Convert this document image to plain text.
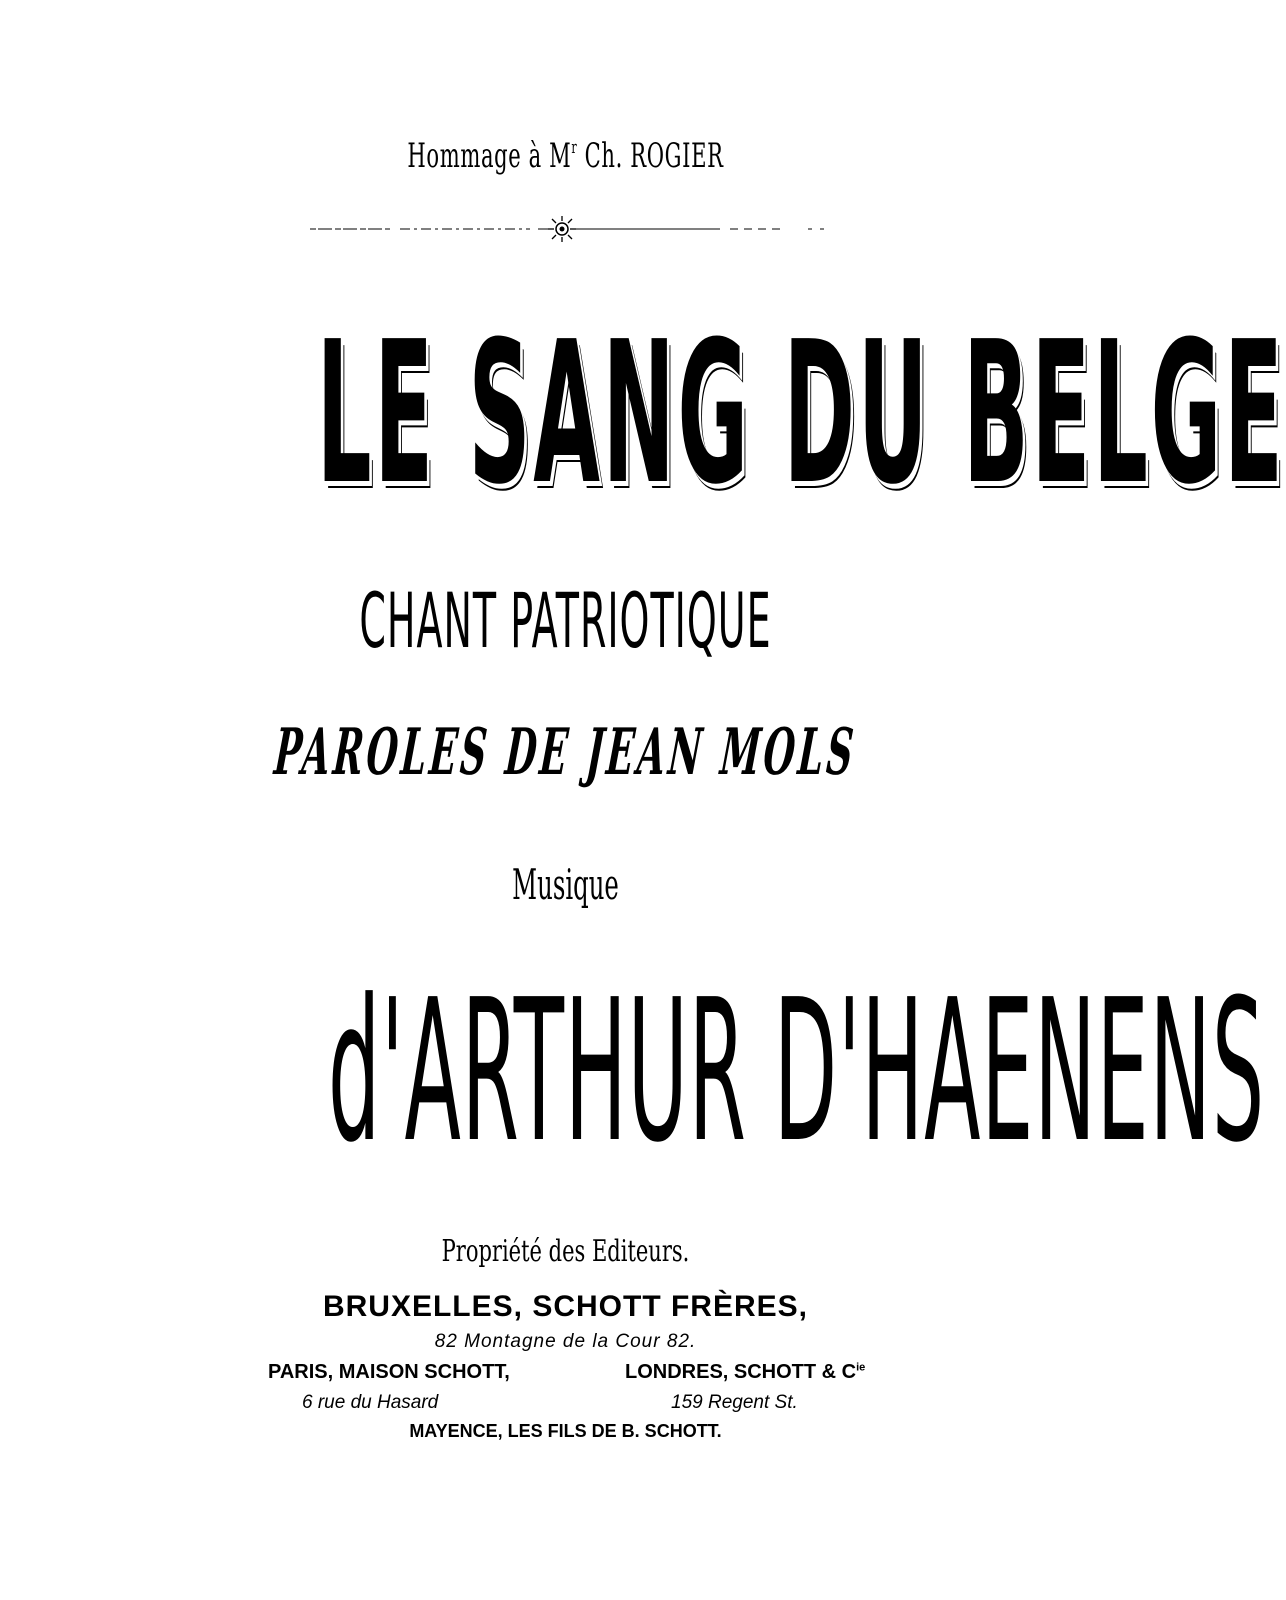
Hommage à $M^r$ Ch. ROGIER
LE SANG DU BELGE
CHANT PATRIOTIQUE
PAROLES DE JEAN MOLS
Musique
d'ARTHUR D'HAENENS
Propriété des Editeurs.
BRUXELLES, SCHOTT FRÈRES,
82 Montagne de la Cour 82.
PARIS, MAISON SCHOTT,	LONDRES, SCHOTT & $C^{ie}$
6 rue du Hasard	159 Regent St.
MAYENCE, LES FILS DE B. SCHOTT.
